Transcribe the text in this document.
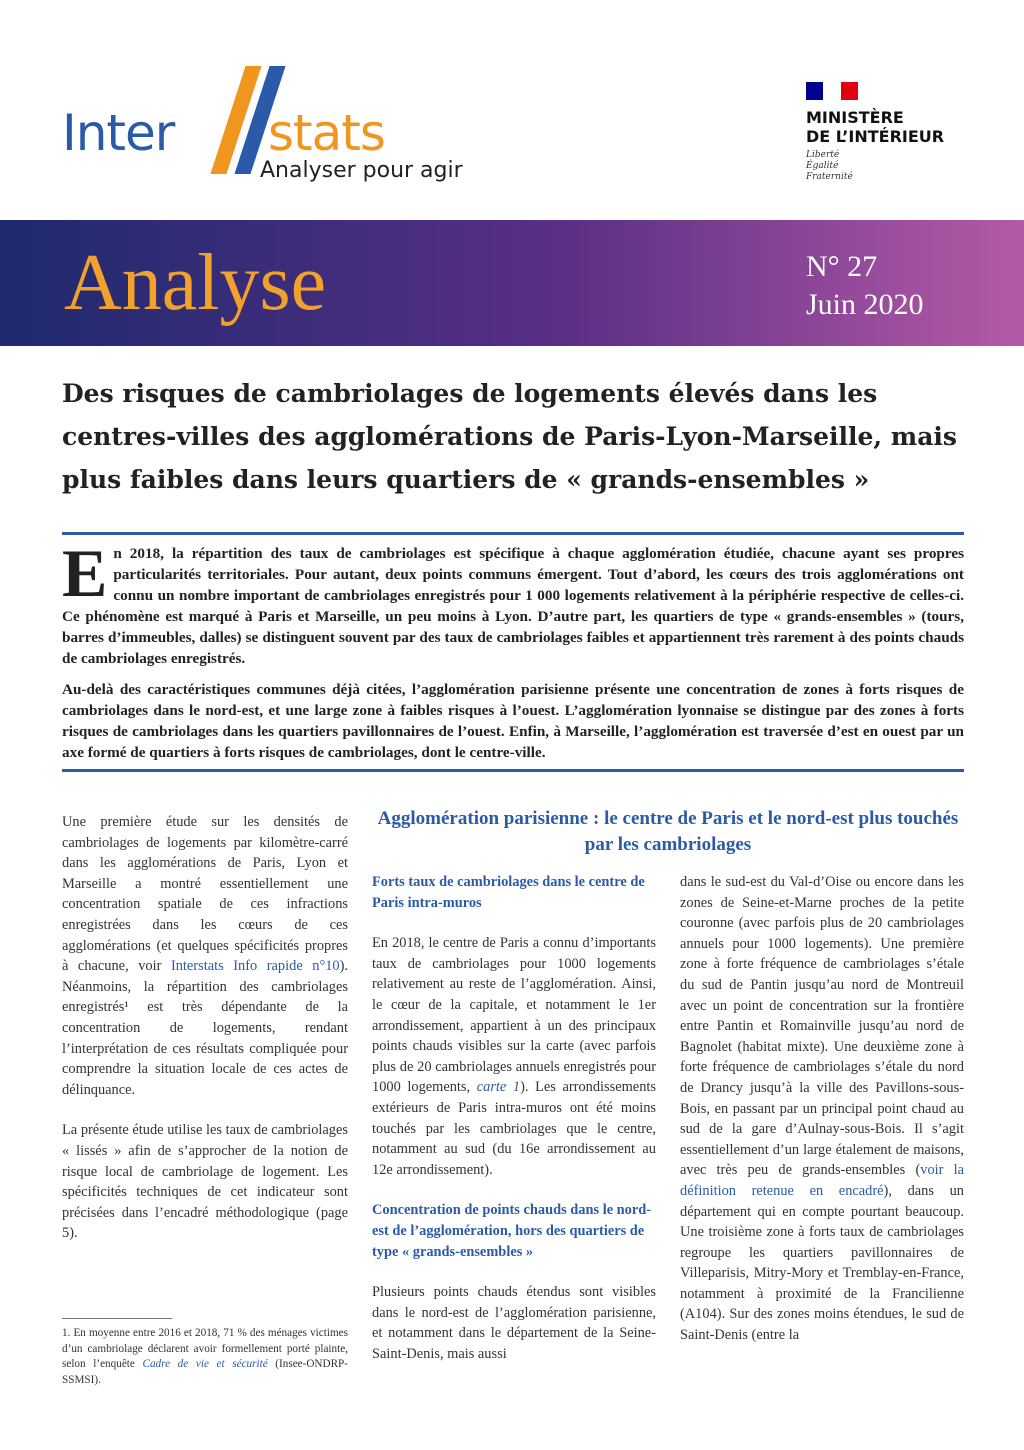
Inter stats
Analyser pour agir
MINISTÈRE
DE L’INTÉRIEUR
Liberté
Égalité
Fraternité
Analyse	N° 27
Juin 2020
Des risques de cambriolages de logements élevés dans les centres-villes des agglomérations de Paris-Lyon-Marseille, mais plus faibles dans leurs quartiers de « grands-ensembles »

En 2018, la répartition des taux de cambriolages est spécifique à chaque agglomération étudiée, chacune ayant ses propres particularités territoriales. Pour autant, deux points communs émergent. Tout d’abord, les cœurs des trois agglomérations ont connu un nombre important de cambriolages enregistrés pour 1 000 logements relativement à la périphérie respective de celles-ci. Ce phénomène est marqué à Paris et Marseille, un peu moins à Lyon. D’autre part, les quartiers de type « grands-ensembles » (tours, barres d’immeubles, dalles) se distinguent souvent par des taux de cambriolages faibles et appartiennent très rarement à des points chauds de cambriolages enregistrés.

Au-delà des caractéristiques communes déjà citées, l’agglomération parisienne présente une concentration de zones à forts risques de cambriolages dans le nord-est, et une large zone à faibles risques à l’ouest. L’agglomération lyonnaise se distingue par des zones à forts risques de cambriolages dans les quartiers pavillonnaires de l’ouest. Enfin, à Marseille, l’agglomération est traversée d’est en ouest par un axe formé de quartiers à forts risques de cambriolages, dont le centre-ville.

Une première étude sur les densités de cambriolages de logements par kilomètre-carré dans les agglomérations de Paris, Lyon et Marseille a montré essentiellement une concentration spatiale de ces infractions enregistrées dans les cœurs de ces agglomérations (et quelques spécificités propres à chacune, voir Interstats Info rapide n°10). Néanmoins, la répartition des cambriolages enregistrés¹ est très dépendante de la concentration de logements, rendant l’interprétation de ces résultats compliquée pour comprendre la situation locale de ces actes de délinquance.

La présente étude utilise les taux de cambriolages « lissés » afin de s’approcher de la notion de risque local de cambriolage de logement. Les spécificités techniques de cet indicateur sont précisées dans l’encadré méthodologique (page 5).

Agglomération parisienne : le centre de Paris et le nord-est plus touchés par les cambriolages

Forts taux de cambriolages dans le centre de Paris intra-muros

En 2018, le centre de Paris a connu d’importants taux de cambriolages pour 1000 logements relativement au reste de l’agglomération. Ainsi, le cœur de la capitale, et notamment le 1er arrondissement, appartient à un des principaux points chauds visibles sur la carte (avec parfois plus de 20 cambriolages annuels enregistrés pour 1000 logements, carte 1). Les arrondissements extérieurs de Paris intra-muros ont été moins touchés par les cambriolages que le centre, notamment au sud (du 16e arrondissement au 12e arrondissement).

Concentration de points chauds dans le nord-est de l’agglomération, hors des quartiers de type « grands-ensembles »

Plusieurs points chauds étendus sont visibles dans le nord-est de l’agglomération parisienne, et notamment dans le département de la Seine-Saint-Denis, mais aussi

dans le sud-est du Val-d’Oise ou encore dans les zones de Seine-et-Marne proches de la petite couronne (avec parfois plus de 20 cambriolages annuels pour 1000 logements). Une première zone à forte fréquence de cambriolages s’étale du sud de Pantin jusqu’au nord de Montreuil avec un point de concentration sur la frontière entre Pantin et Romainville jusqu’au nord de Bagnolet (habitat mixte). Une deuxième zone à forte fréquence de cambriolages s’étale du nord de Drancy jusqu’à la ville des Pavillons-sous-Bois, en passant par un principal point chaud au sud de la gare d’Aulnay-sous-Bois. Il s’agit essentiellement d’un large étalement de maisons, avec très peu de grands-ensembles (voir la définition retenue en encadré), dans un département qui en compte pourtant beaucoup. Une troisième zone à forts taux de cambriolages regroupe les quartiers pavillonnaires de Villeparisis, Mitry-Mory et Tremblay-en-France, notamment à proximité de la Francilienne (A104). Sur des zones moins étendues, le sud de Saint-Denis (entre la

1. En moyenne entre 2016 et 2018, 71 % des ménages victimes d’un cambriolage déclarent avoir formellement porté plainte, selon l’enquête Cadre de vie et sécurité (Insee-ONDRP-SSMSI).
